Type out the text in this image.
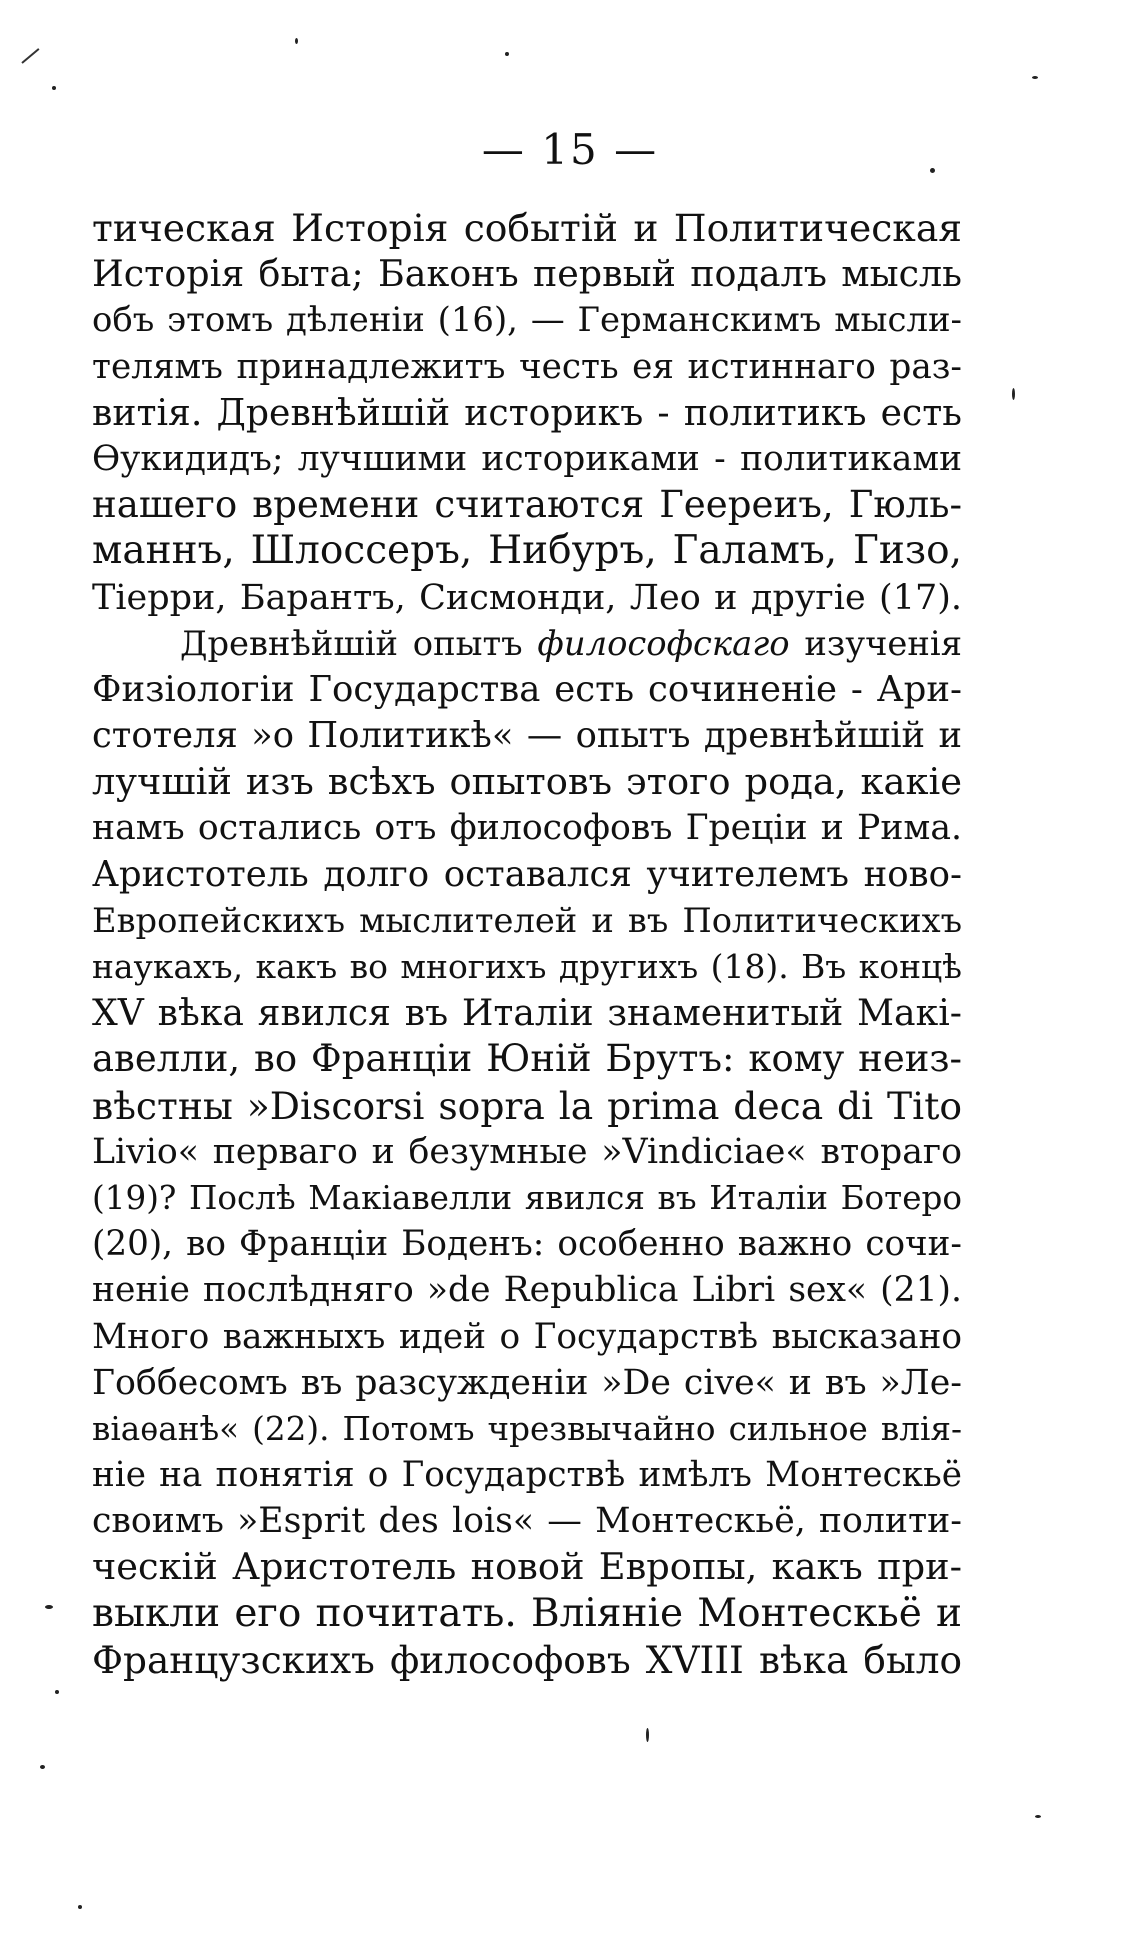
— 15 —
тическая Исторія событій и Политическая
Исторія быта; Баконъ первый подалъ мысль
объ этомъ дѣленіи (16), — Германскимъ мысли-
телямъ принадлежитъ честь ея истиннаго раз-
витія. Древнѣйшій историкъ - политикъ есть
Ѳукидидъ; лучшими историками - политиками
нашего времени считаются Геереиъ, Гюль-
маннъ, Шлоссеръ, Нибуръ, Галамъ, Гизо,
Тіерри, Барантъ, Сисмонди, Лео и другіе (17).
Древнѣйшій опытъ философскаго изученія
Физіологіи Государства есть сочиненіе - Ари-
стотеля »о Политикѣ« — опытъ древнѣйшій и
лучшій изъ всѣхъ опытовъ этого рода, какіе
намъ остались отъ философовъ Греціи и Рима.
Аристотель долго оставался учителемъ ново-
Европейскихъ мыслителей и въ Политическихъ
наукахъ, какъ во многихъ другихъ (18). Въ концѣ
XV вѣка явился въ Италіи знаменитый Макі-
авелли, во Франціи Юній Брутъ: кому неиз-
вѣстны »Discorsi sopra la prima deca di Tito
Livio« перваго и безумные »Vindiciae« втораго
(19)? Послѣ Макіавелли явился въ Италіи Ботеро
(20), во Франціи Боденъ: особенно важно сочи-
неніе послѣдняго »de Republica Libri sex« (21).
Много важныхъ идей о Государствѣ высказано
Гоббесомъ въ разсужденіи »De cive« и въ »Ле-
віаѳанѣ« (22). Потомъ чрезвычайно сильное влія-
ніе на понятія о Государствѣ имѣлъ Монтескьё
своимъ »Esprit des lois« — Монтескьё, полити-
ческій Аристотель новой Европы, какъ при-
выкли его почитать. Вліяніе Монтескьё и
Французскихъ философовъ XVIII вѣка было
